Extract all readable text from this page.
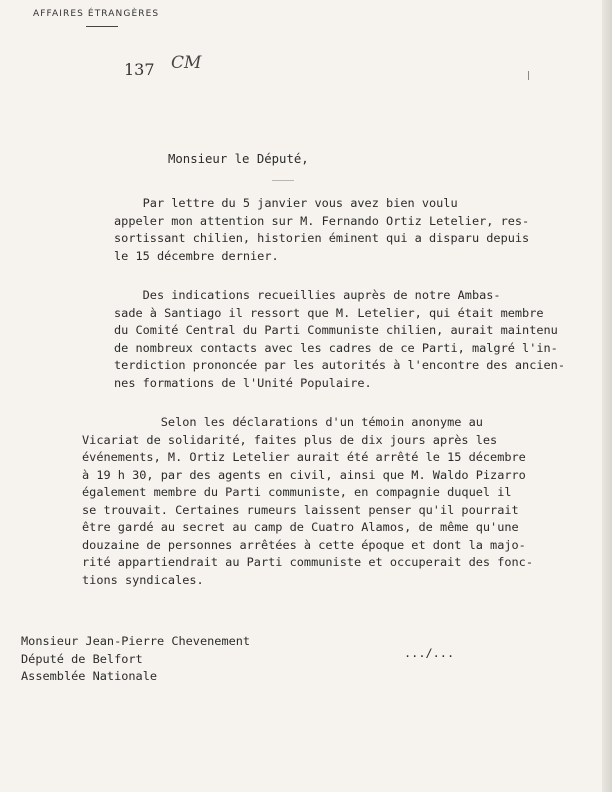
AFFAIRES ÉTRANGÈRES
137 CM
Monsieur le Député,
Par lettre du 5 janvier vous avez bien voulu
appeler mon attention sur M. Fernando Ortiz Letelier, res-
sortissant chilien, historien éminent qui a disparu depuis
le 15 décembre dernier.
Des indications recueillies auprès de notre Ambas-
sade à Santiago il ressort que M. Letelier, qui était membre
du Comité Central du Parti Communiste chilien, aurait maintenu
de nombreux contacts avec les cadres de ce Parti, malgré l'in-
terdiction prononcée par les autorités à l'encontre des ancien-
nes formations de l'Unité Populaire.
Selon les déclarations d'un témoin anonyme au
Vicariat de solidarité, faites plus de dix jours après les
événements, M. Ortiz Letelier aurait été arrêté le 15 décembre
à 19 h 30, par des agents en civil, ainsi que M. Waldo Pizarro
également membre du Parti communiste, en compagnie duquel il
se trouvait. Certaines rumeurs laissent penser qu'il pourrait
être gardé au secret au camp de Cuatro Alamos, de même qu'une
douzaine de personnes arrêtées à cette époque et dont la majo-
rité appartiendrait au Parti communiste et occuperait des fonc-
tions syndicales.
Monsieur Jean-Pierre Chevenement
Député de Belfort
Assemblée Nationale
.../...
